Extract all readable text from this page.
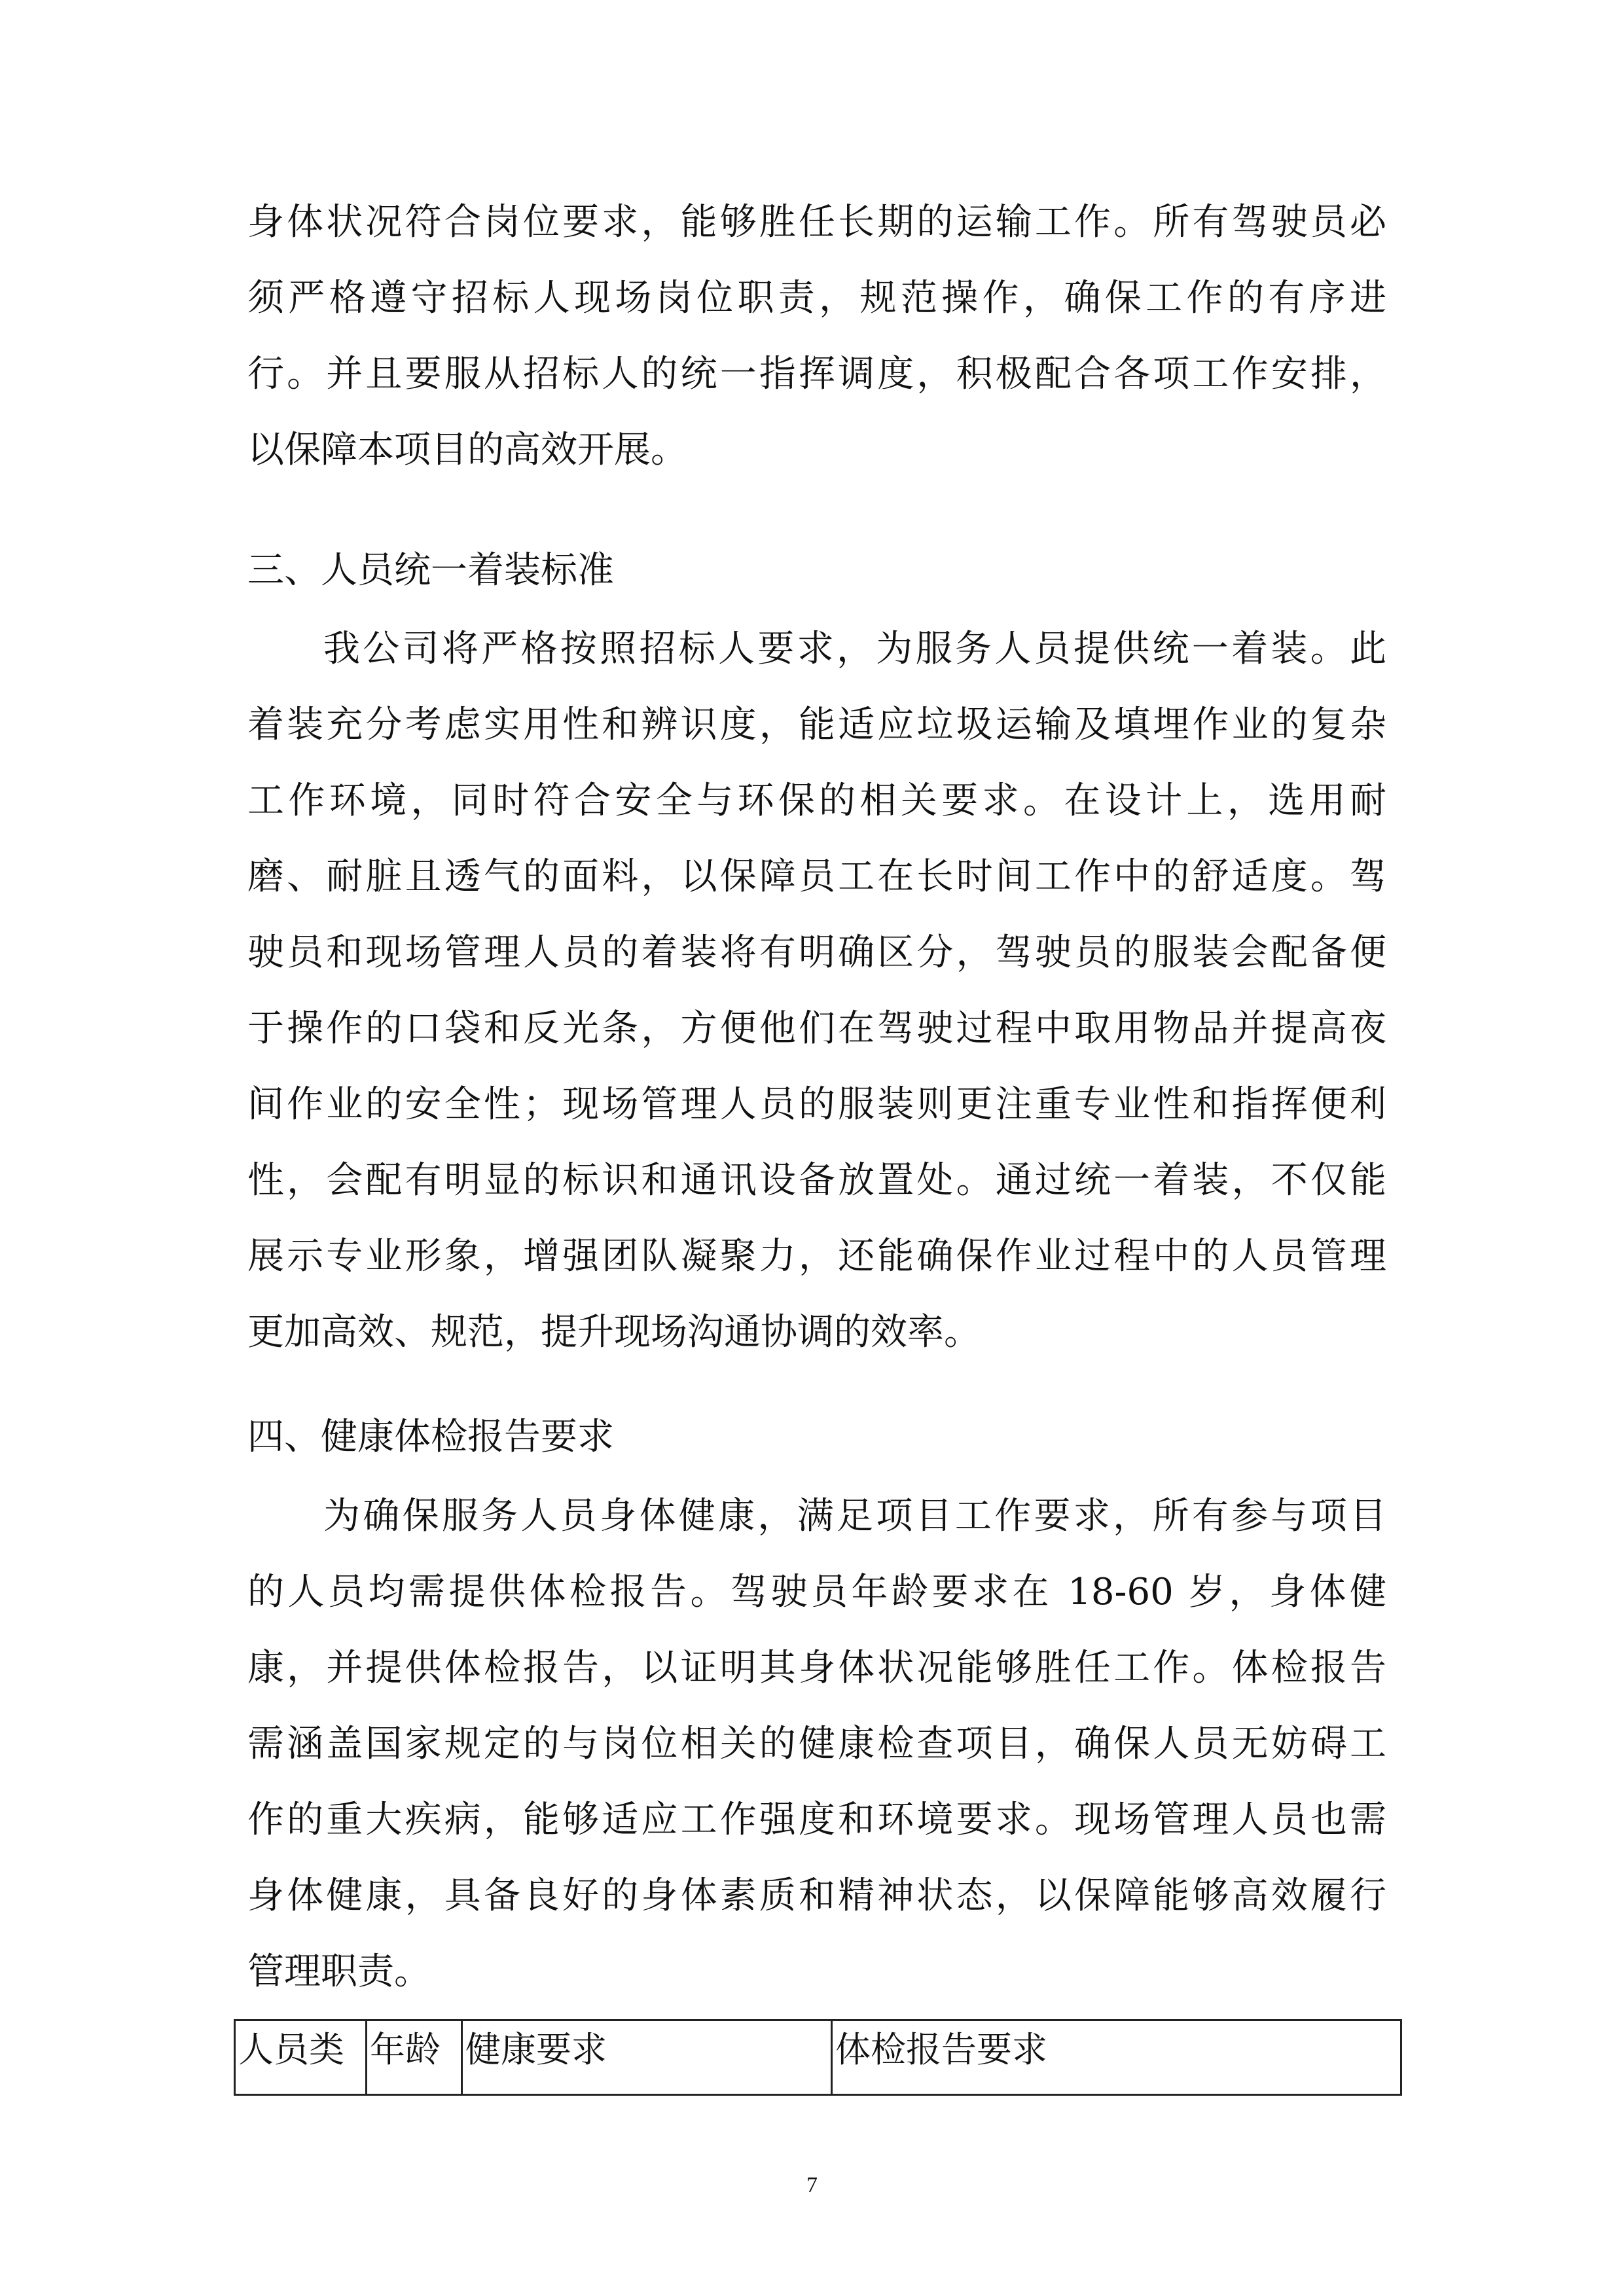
身体状况符合岗位要求，能够胜任长期的运输工作。所有驾驶员必
须严格遵守招标人现场岗位职责，规范操作，确保工作的有序进
行。并且要服从招标人的统一指挥调度，积极配合各项工作安排，
以保障本项目的高效开展。
三、人员统一着装标准
我公司将严格按照招标人要求，为服务人员提供统一着装。此
着装充分考虑实用性和辨识度，能适应垃圾运输及填埋作业的复杂
工作环境，同时符合安全与环保的相关要求。在设计上，选用耐
磨、耐脏且透气的面料，以保障员工在长时间工作中的舒适度。驾
驶员和现场管理人员的着装将有明确区分，驾驶员的服装会配备便
于操作的口袋和反光条，方便他们在驾驶过程中取用物品并提高夜
间作业的安全性；现场管理人员的服装则更注重专业性和指挥便利
性，会配有明显的标识和通讯设备放置处。通过统一着装，不仅能
展示专业形象，增强团队凝聚力，还能确保作业过程中的人员管理
更加高效、规范，提升现场沟通协调的效率。
四、健康体检报告要求
为确保服务人员身体健康，满足项目工作要求，所有参与项目
的人员均需提供体检报告。驾驶员年龄要求在 18-60 岁，身体健
康，并提供体检报告，以证明其身体状况能够胜任工作。体检报告
需涵盖国家规定的与岗位相关的健康检查项目，确保人员无妨碍工
作的重大疾病，能够适应工作强度和环境要求。现场管理人员也需
身体健康，具备良好的身体素质和精神状态，以保障能够高效履行
管理职责。
人员类	年龄	健康要求	体检报告要求
7
